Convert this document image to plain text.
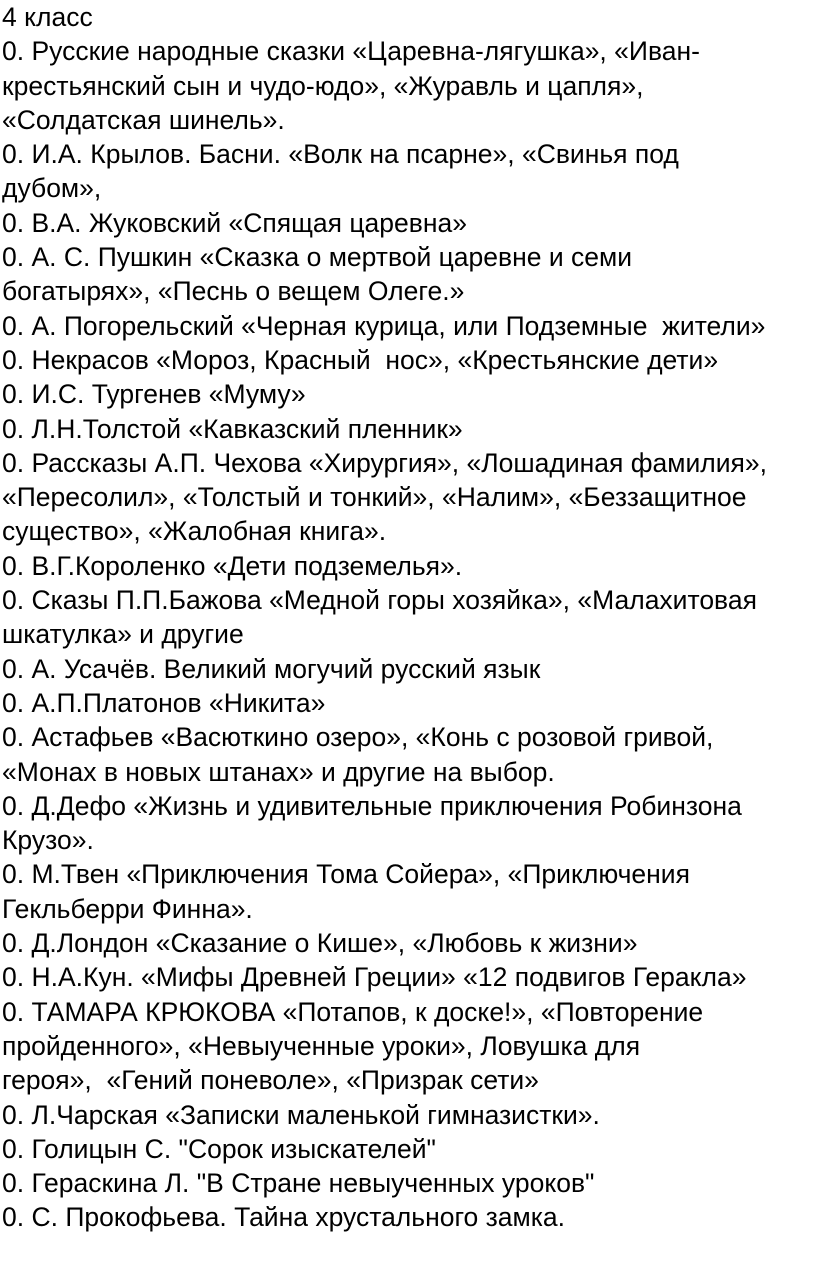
4 класс
0. Русские народные сказки «Царевна-лягушка», «Иван-
крестьянский сын и чудо-юдо», «Журавль и цапля»,
«Солдатская шинель».
0. И.А. Крылов. Басни. «Волк на псарне», «Свинья под
дубом»,
0. В.А. Жуковский «Спящая царевна»
0. А. С. Пушкин «Сказка о мертвой царевне и семи
богатырях», «Песнь о вещем Олеге.»
0. А. Погорельский «Черная курица, или Подземные  жители»
0. Некрасов «Мороз, Красный  нос», «Крестьянские дети»
0. И.С. Тургенев «Муму»
0. Л.Н.Толстой «Кавказский пленник»
0. Рассказы А.П. Чехова «Хирургия», «Лошадиная фамилия»,
«Пересолил», «Толстый и тонкий», «Налим», «Беззащитное
существо», «Жалобная книга».
0. В.Г.Короленко «Дети подземелья».
0. Сказы П.П.Бажова «Медной горы хозяйка», «Малахитовая
шкатулка» и другие
0. А. Усачёв. Великий могучий русский язык
0. А.П.Платонов «Никита»
0. Астафьев «Васюткино озеро», «Конь с розовой гривой,
«Монах в новых штанах» и другие на выбор.
0. Д.Дефо «Жизнь и удивительные приключения Робинзона
Крузо».
0. М.Твен «Приключения Тома Сойера», «Приключения
Гекльберри Финна».
0. Д.Лондон «Сказание о Кише», «Любовь к жизни»
0. Н.А.Кун. «Мифы Древней Греции» «12 подвигов Геракла»
0. ТАМАРА КРЮКОВА «Потапов, к доске!», «Повторение
пройденного», «Невыученные уроки», Ловушка для
героя»,  «Гений поневоле», «Призрак сети»
0. Л.Чарская «Записки маленькой гимназистки».
0. Голицын С. "Сорок изыскателей"
0. Гераскина Л. "В Стране невыученных уроков"
0. С. Прокофьева. Тайна хрустального замка.
